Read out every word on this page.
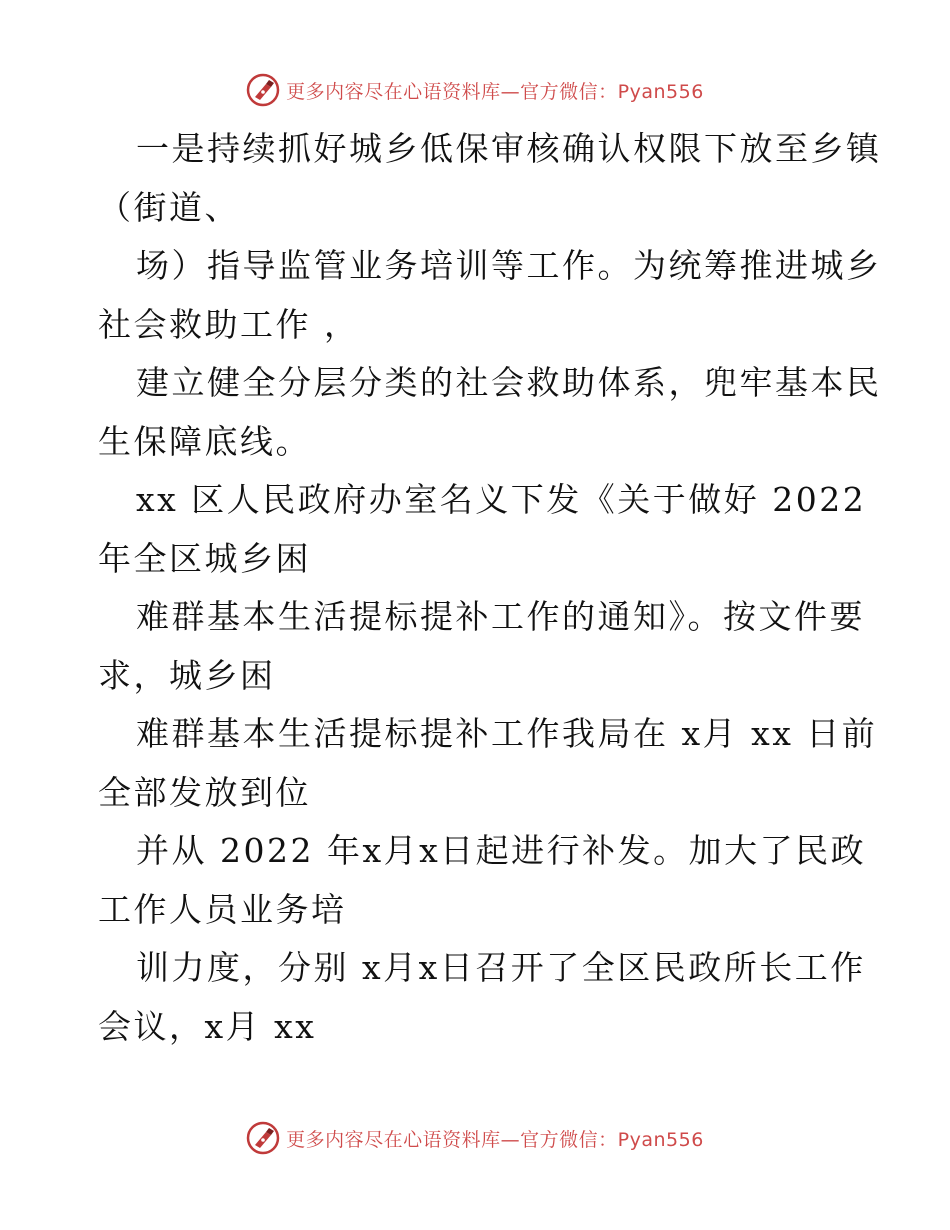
更多内容尽在心语资料库—官方微信：Pyan556
一是持续抓好城乡低保审核确认权限下放至乡镇
（街道、
场）指导监管业务培训等工作。为统筹推进城乡
社会救助工作 ，
建立健全分层分类的社会救助体系，兜牢基本民
生保障底线。
xx 区人民政府办室名义下发《关于做好 2022
年全区城乡困
难群基本生活提标提补工作的通知》。按文件要
求，城乡困
难群基本生活提标提补工作我局在 x月 xx 日前
全部发放到位
并从 2022 年x月x日起进行补发。加大了民政
工作人员业务培
训力度，分别 x月x日召开了全区民政所长工作
会议，x月 xx
更多内容尽在心语资料库—官方微信：Pyan556
